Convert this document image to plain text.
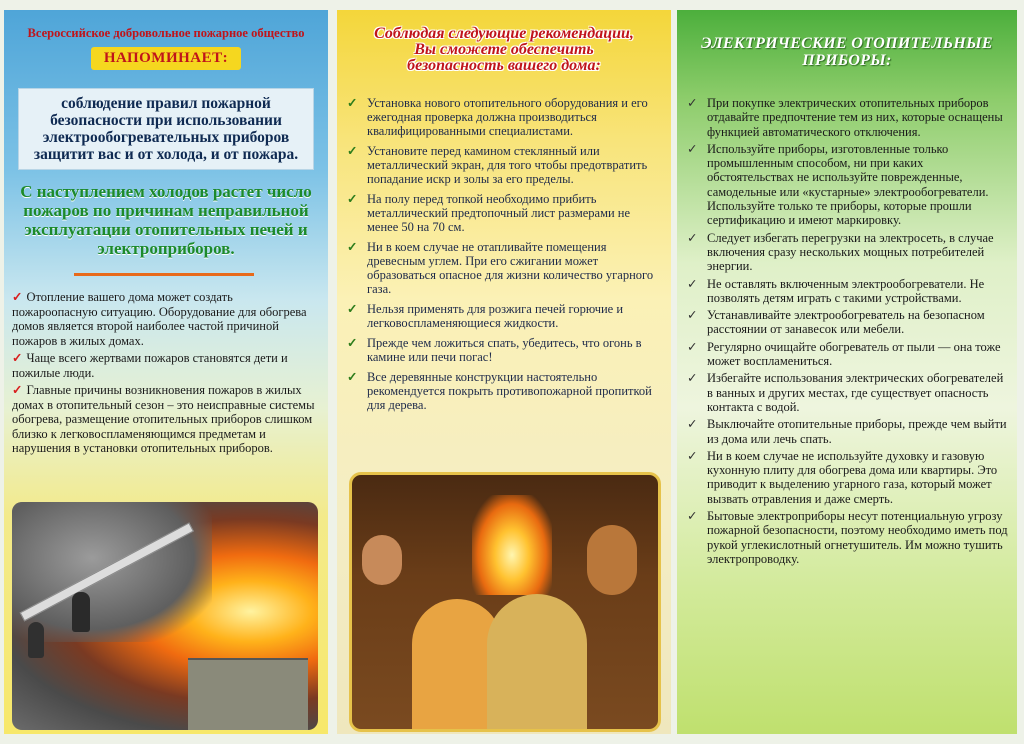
Всероссийское добровольное пожарное общество
НАПОМИНАЕТ:
соблюдение правил пожарной безопасности при использовании электрообогревательных приборов защитит вас и от холода, и от пожара.
С наступлением холодов растет число пожаров по причинам неправильной эксплуатации отопительных печей и электроприборов.
✓ Отопление вашего дома может создать пожароопасную ситуацию. Оборудование для обогрева домов является второй наиболее частой причиной пожаров в жилых домах.
✓ Чаще всего жертвами пожаров становятся дети и пожилые люди.
✓ Главные причины возникновения пожаров в жилых домах в отопительный сезон – это неисправные системы обогрева, размещение отопительных приборов слишком близко к легковоспламеняющимся предметам и нарушения в установки отопительных приборов.
Соблюдая следующие рекомендации,
Вы сможете обеспечить
безопасность вашего дома:
✓ Установка нового отопительного оборудования и его ежегодная проверка должна производиться квалифицированными специалистами.
✓ Установите перед камином стеклянный или металлический экран, для того чтобы предотвратить попадание искр и золы за его пределы.
✓ На полу перед топкой необходимо прибить металлический предтопочный лист размерами не менее 50 на 70 см.
✓ Ни в коем случае не отапливайте помещения древесным углем. При его сжигании может образоваться опасное для жизни количество угарного газа.
✓ Нельзя применять для розжига печей горючие и легковоспламеняющиеся жидкости.
✓ Прежде чем ложиться спать, убедитесь, что огонь в камине или печи погас!
✓ Все деревянные конструкции настоятельно рекомендуется покрыть противопожарной пропиткой для дерева.
ЭЛЕКТРИЧЕСКИЕ ОТОПИТЕЛЬНЫЕ
ПРИБОРЫ:
✓ При покупке электрических отопительных приборов отдавайте предпочтение тем из них, которые оснащены функцией автоматического отключения.
✓ Используйте приборы, изготовленные только промышленным способом, ни при каких обстоятельствах не используйте поврежденные, самодельные или «кустарные» электрообогреватели. Используйте только те приборы, которые прошли сертификацию и имеют маркировку.
✓ Следует избегать перегрузки на электросеть, в случае включения сразу нескольких мощных потребителей энергии.
✓ Не оставлять включенным электрообогреватели. Не позволять детям играть с такими устройствами.
✓ Устанавливайте электрообогреватель на безопасном расстоянии от занавесок или мебели.
✓ Регулярно очищайте обогреватель от пыли — она тоже может воспламениться.
✓ Избегайте использования электрических обогревателей в ванных и других местах, где существует опасность контакта с водой.
✓ Выключайте отопительные приборы, прежде чем выйти из дома или лечь спать.
✓ Ни в коем случае не используйте духовку и газовую кухонную плиту для обогрева дома или квартиры. Это приводит к выделению угарного газа, который может вызвать отравления и даже смерть.
✓ Бытовые электроприборы несут потенциальную угрозу пожарной безопасности, поэтому необходимо иметь под рукой углекислотный огнетушитель. Им можно тушить электропроводку.
